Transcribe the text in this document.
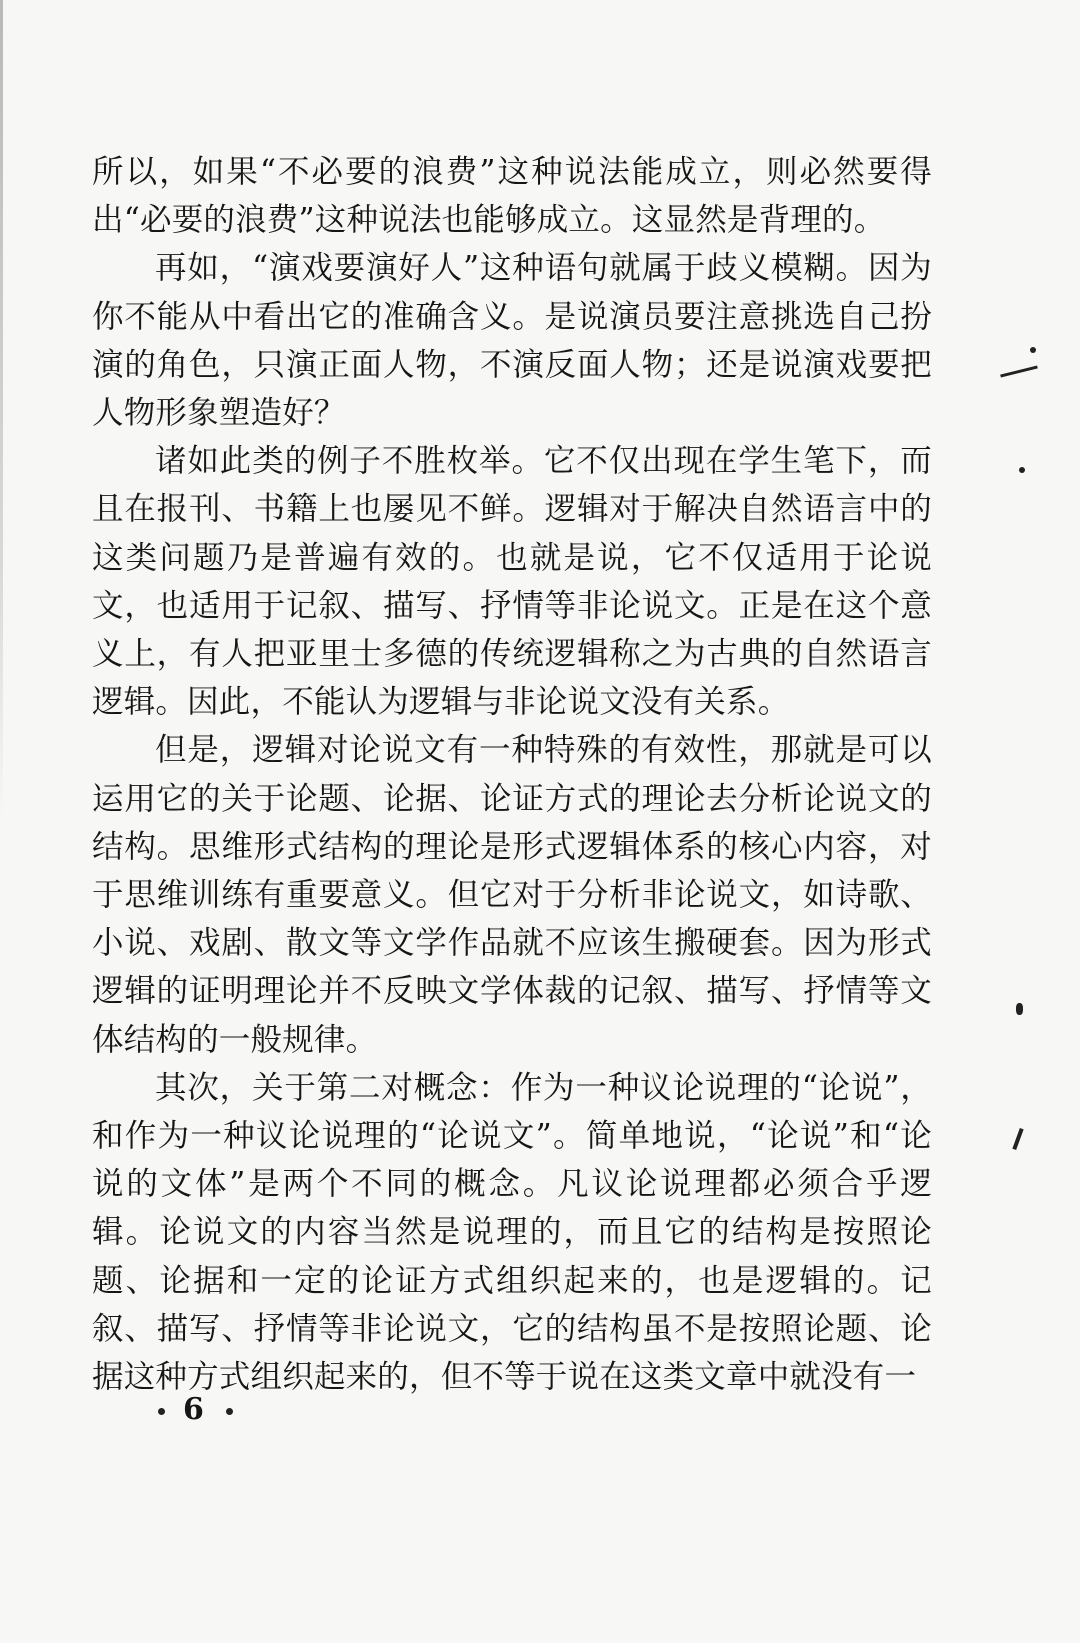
所以，如果“不必要的浪费”这种说法能成立，则必然要得出“必要的浪费”这种说法也能够成立。这显然是背理的。

再如，“演戏要演好人”这种语句就属于歧义模糊。因为你不能从中看出它的准确含义。是说演员要注意挑选自己扮演的角色，只演正面人物，不演反面人物；还是说演戏要把人物形象塑造好？

诸如此类的例子不胜枚举。它不仅出现在学生笔下，而且在报刊、书籍上也屡见不鲜。逻辑对于解决自然语言中的这类问题乃是普遍有效的。也就是说，它不仅适用于论说文，也适用于记叙、描写、抒情等非论说文。正是在这个意义上，有人把亚里士多德的传统逻辑称之为古典的自然语言逻辑。因此，不能认为逻辑与非论说文没有关系。

但是，逻辑对论说文有一种特殊的有效性，那就是可以运用它的关于论题、论据、论证方式的理论去分析论说文的结构。思维形式结构的理论是形式逻辑体系的核心内容，对于思维训练有重要意义。但它对于分析非论说文，如诗歌、小说、戏剧、散文等文学作品就不应该生搬硬套。因为形式逻辑的证明理论并不反映文学体裁的记叙、描写、抒情等文体结构的一般规律。

其次，关于第二对概念：作为一种议论说理的“论说”，和作为一种议论说理的“论说文”。简单地说，“论说”和“论说的文体”是两个不同的概念。凡议论说理都必须合乎逻辑。论说文的内容当然是说理的，而且它的结构是按照论题、论据和一定的论证方式组织起来的，也是逻辑的。记叙、描写、抒情等非论说文，它的结构虽不是按照论题、论据这种方式组织起来的，但不等于说在这类文章中就没有一

6
